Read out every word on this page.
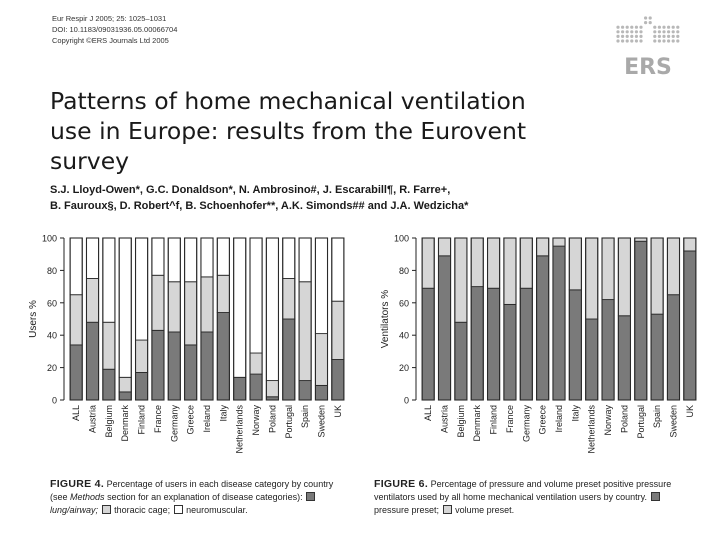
Eur Respir J 2005; 25: 1025–1031
DOI: 10.1183/09031936.05.00066704
Copyright ©ERS Journals Ltd 2005
ERS
Patterns of home mechanical ventilation use in Europe: results from the Eurovent survey
S.J. Lloyd-Owen*, G.C. Donaldson*, N. Ambrosino#, J. Escarabill¶, R. Farre+,
B. Fauroux§, D. Robert^f, B. Schoenhofer**, A.K. Simonds## and J.A. Wedzicha*
0
20
40
60
80
100
Users %
ALL Austria Belgium Denmark Finland France Germany Greece Ireland Italy Netherlands Norway Poland Portugal Spain Sweden UK
0
20
40
60
80
100
Ventilators %
ALL Austria Belgium Denmark Finland France Germany Greece Ireland Italy Netherlands Norway Poland Portugal Spain Sweden UK
FIGURE 4. Percentage of users in each disease category by country (see Methods section for an explanation of disease categories):  lung/airway; thoracic cage; neuromuscular.
FIGURE 6. Percentage of pressure and volume preset positive pressure ventilators used by all home mechanical ventilation users by country.  pressure preset; volume preset.
